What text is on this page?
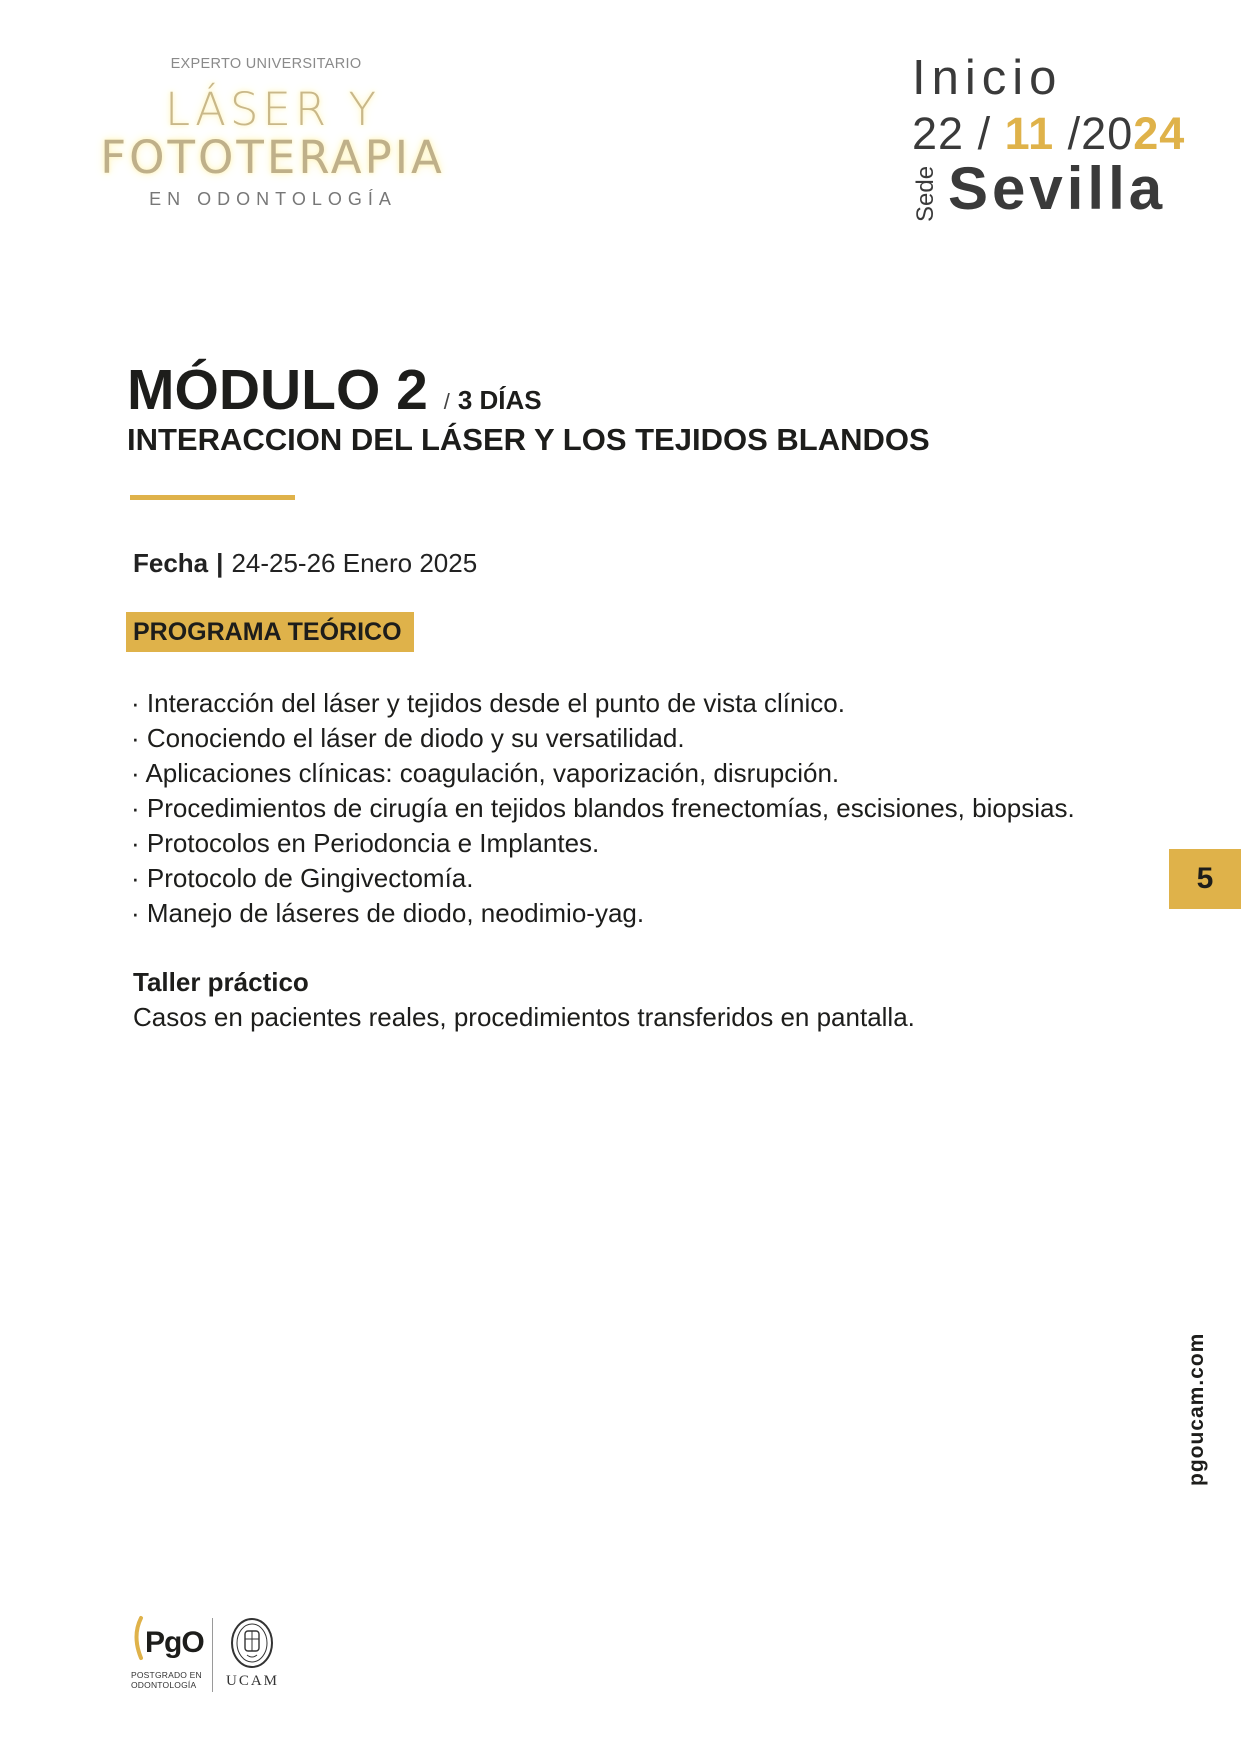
EXPERTO UNIVERSITARIO
LÁSER Y
FOTOTERAPIA
EN ODONTOLOGÍA
Inicio
22 / 11 /2024
Sede Sevilla
MÓDULO 2 / 3 DÍAS
INTERACCION DEL LÁSER Y LOS TEJIDOS BLANDOS
Fecha | 24-25-26 Enero 2025
PROGRAMA TEÓRICO
· Interacción del láser y tejidos desde el punto de vista clínico.
· Conociendo el láser de diodo y su versatilidad.
· Aplicaciones clínicas: coagulación, vaporización, disrupción.
· Procedimientos de cirugía en tejidos blandos frenectomías, escisiones, biopsias.
· Protocolos en Periodoncia e Implantes.
· Protocolo de Gingivectomía.
· Manejo de láseres de diodo, neodimio-yag.
Taller práctico
Casos en pacientes reales, procedimientos transferidos en pantalla.
5
pgoucam.com
PgO
POSTGRADO EN
ODONTOLOGÍA	UCAM
